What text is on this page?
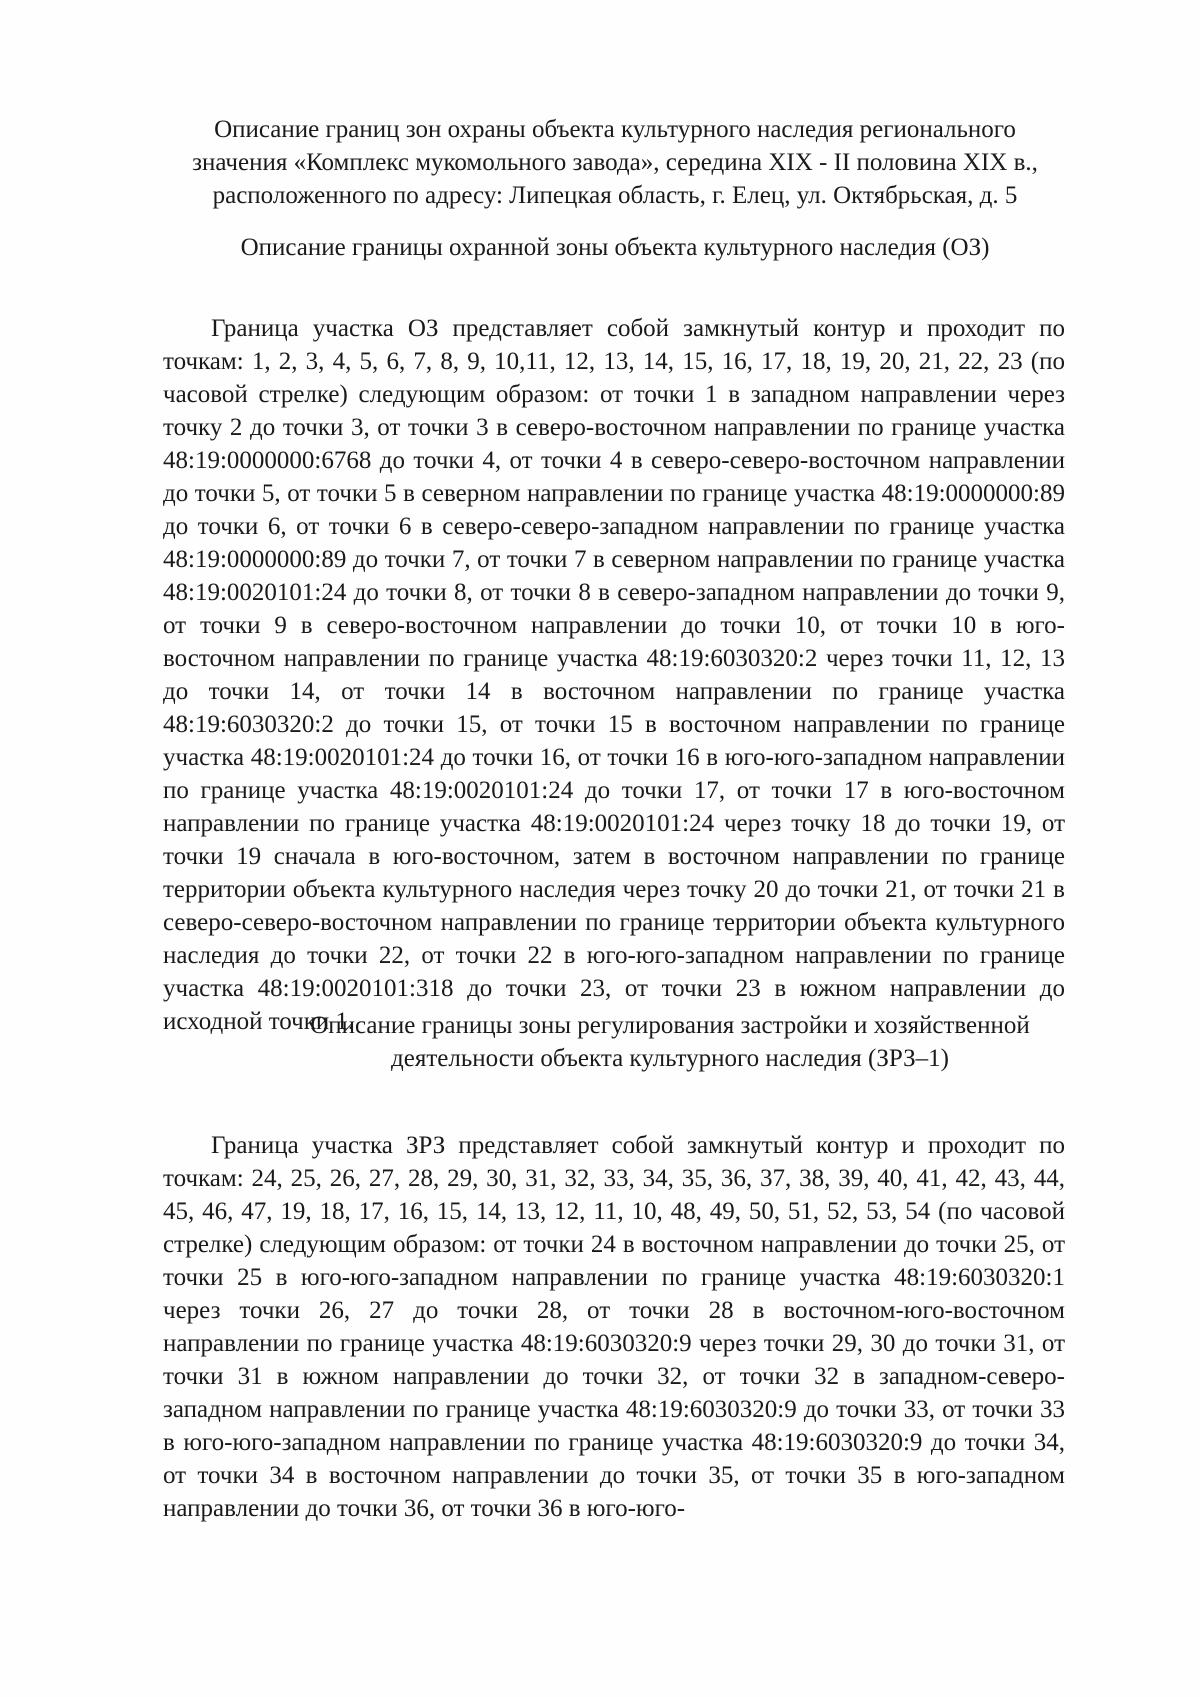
Описание границ зон охраны объекта культурного наследия регионального
значения «Комплекс мукомольного завода», середина XIX - II половина XIX в.,
расположенного по адресу: Липецкая область, г. Елец, ул. Октябрьская, д. 5
Описание границы охранной зоны объекта культурного наследия (ОЗ)

Граница участка ОЗ представляет собой замкнутый контур и проходит по точкам: 1, 2, 3, 4, 5, 6, 7, 8, 9, 10,11, 12, 13, 14, 15, 16, 17, 18, 19, 20, 21, 22, 23 (по часовой стрелке) следующим образом: от точки 1 в западном направлении через точку 2 до точки 3, от точки 3 в северо-восточном направлении по границе участка 48:19:0000000:6768 до точки 4, от точки 4 в северо-северо-восточном направлении до точки 5, от точки 5 в северном направлении по границе участка 48:19:0000000:89 до точки 6, от точки 6 в северо-северо-западном направлении по границе участка 48:19:0000000:89 до точки 7, от точки 7 в северном направлении по границе участка 48:19:0020101:24 до точки 8, от точки 8 в северо-западном направлении до точки 9, от точки 9 в северо-восточном направлении до точки 10, от точки 10 в юго-восточном направлении по границе участка 48:19:6030320:2 через точки 11, 12, 13 до точки 14, от точки 14 в восточном направлении по границе участка 48:19:6030320:2 до точки 15, от точки 15 в восточном направлении по границе участка 48:19:0020101:24 до точки 16, от точки 16 в юго-юго-западном направлении по границе участка 48:19:0020101:24 до точки 17, от точки 17 в юго-восточном направлении по границе участка 48:19:0020101:24 через точку 18 до точки 19, от точки 19 сначала в юго-восточном, затем в восточном направлении по границе территории объекта культурного наследия через точку 20 до точки 21, от точки 21 в северо-северо-восточном направлении по границе территории объекта культурного наследия до точки 22, от точки 22 в юго-юго-западном направлении по границе участка 48:19:0020101:318 до точки 23, от точки 23 в южном направлении до исходной точки 1.

Описание границы зоны регулирования застройки и хозяйственной
деятельности объекта культурного наследия (ЗРЗ–1)

Граница участка ЗРЗ представляет собой замкнутый контур и проходит по точкам: 24, 25, 26, 27, 28, 29, 30, 31, 32, 33, 34, 35, 36, 37, 38, 39, 40, 41, 42, 43, 44, 45, 46, 47, 19, 18, 17, 16, 15, 14, 13, 12, 11, 10, 48, 49, 50, 51, 52, 53, 54 (по часовой стрелке) следующим образом: от точки 24 в восточном направлении до точки 25, от точки 25 в юго-юго-западном направлении по границе участка 48:19:6030320:1 через точки 26, 27 до точки 28, от точки 28 в восточном-юго-восточном направлении по границе участка 48:19:6030320:9 через точки 29, 30 до точки 31, от точки 31 в южном направлении до точки 32, от точки 32 в западном-северо-западном направлении по границе участка 48:19:6030320:9 до точки 33, от точки 33 в юго-юго-западном направлении по границе участка 48:19:6030320:9 до точки 34, от точки 34 в восточном направлении до точки 35, от точки 35 в юго-западном направлении до точки 36, от точки 36 в юго-юго-
